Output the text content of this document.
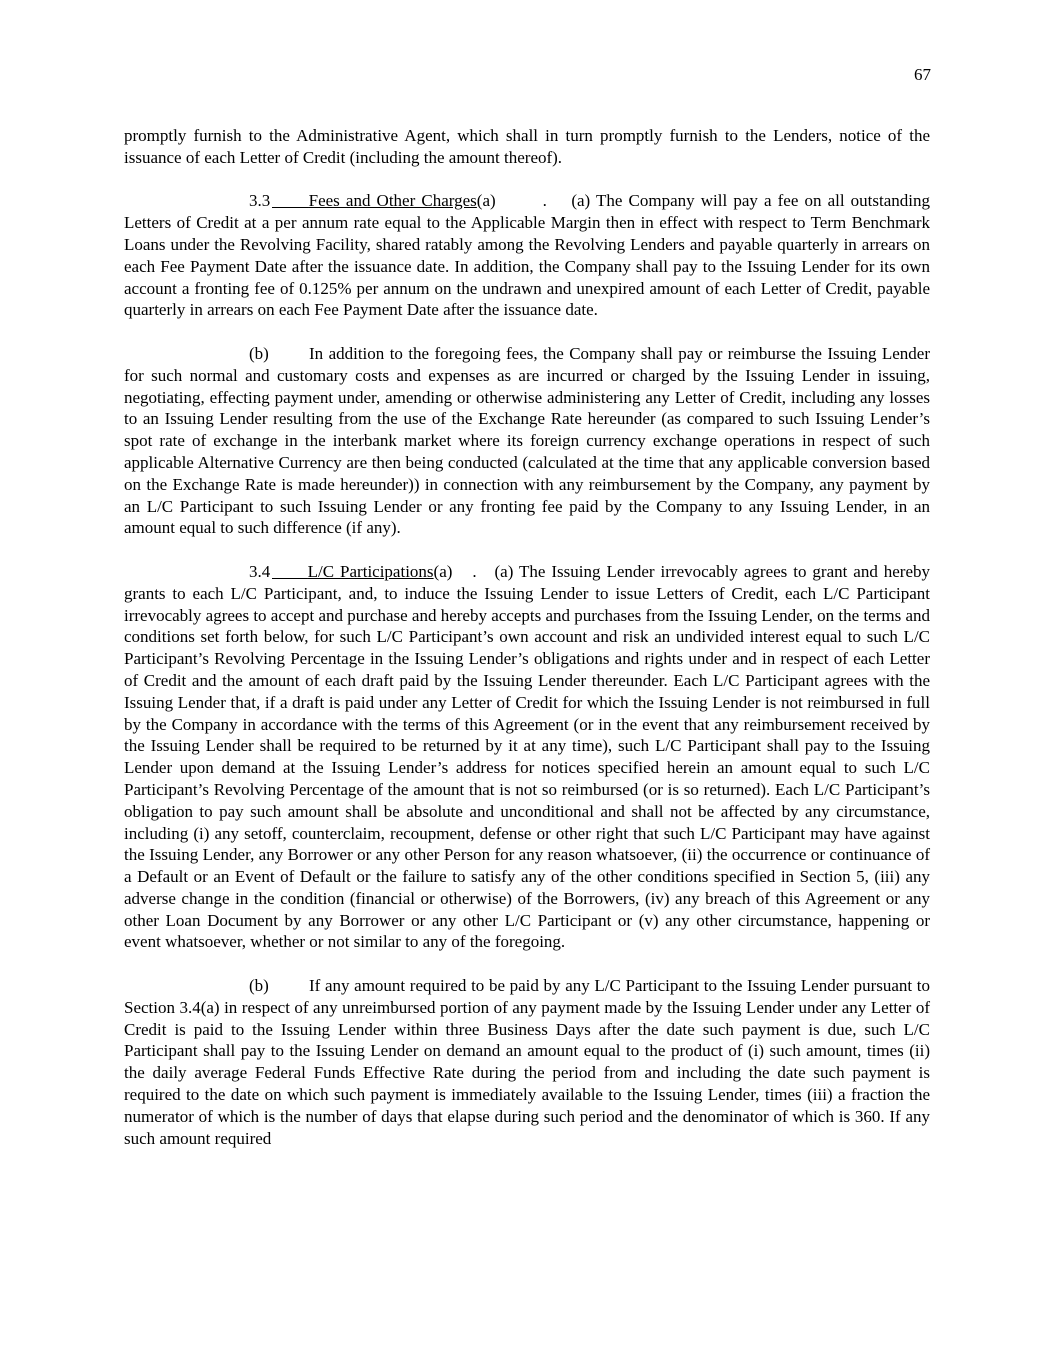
67

promptly furnish to the Administrative Agent, which shall in turn promptly furnish to the Lenders, notice of the issuance of each Letter of Credit (including the amount thereof).

3.3 Fees and Other Charges(a)	. (a) The Company will pay a fee on all outstanding Letters of Credit at a per annum rate equal to the Applicable Margin then in effect with respect to Term Benchmark Loans under the Revolving Facility, shared ratably among the Revolving Lenders and payable quarterly in arrears on each Fee Payment Date after the issuance date. In addition, the Company shall pay to the Issuing Lender for its own account a fronting fee of 0.125% per annum on the undrawn and unexpired amount of each Letter of Credit, payable quarterly in arrears on each Fee Payment Date after the issuance date.

(b) In addition to the foregoing fees, the Company shall pay or reimburse the Issuing Lender for such normal and customary costs and expenses as are incurred or charged by the Issuing Lender in issuing, negotiating, effecting payment under, amending or otherwise administering any Letter of Credit, including any losses to an Issuing Lender resulting from the use of the Exchange Rate hereunder (as compared to such Issuing Lender’s spot rate of exchange in the interbank market where its foreign currency exchange operations in respect of such applicable Alternative Currency are then being conducted (calculated at the time that any applicable conversion based on the Exchange Rate is made hereunder)) in connection with any reimbursement by the Company, any payment by an L/C Participant to such Issuing Lender or any fronting fee paid by the Company to any Issuing Lender, in an amount equal to such difference (if any).

3.4 L/C Participations(a) . (a) The Issuing Lender irrevocably agrees to grant and hereby grants to each L/C Participant, and, to induce the Issuing Lender to issue Letters of Credit, each L/C Participant irrevocably agrees to accept and purchase and hereby accepts and purchases from the Issuing Lender, on the terms and conditions set forth below, for such L/C Participant’s own account and risk an undivided interest equal to such L/C Participant’s Revolving Percentage in the Issuing Lender’s obligations and rights under and in respect of each Letter of Credit and the amount of each draft paid by the Issuing Lender thereunder. Each L/C Participant agrees with the Issuing Lender that, if a draft is paid under any Letter of Credit for which the Issuing Lender is not reimbursed in full by the Company in accordance with the terms of this Agreement (or in the event that any reimbursement received by the Issuing Lender shall be required to be returned by it at any time), such L/C Participant shall pay to the Issuing Lender upon demand at the Issuing Lender’s address for notices specified herein an amount equal to such L/C Participant’s Revolving Percentage of the amount that is not so reimbursed (or is so returned). Each L/C Participant’s obligation to pay such amount shall be absolute and unconditional and shall not be affected by any circumstance, including (i) any setoff, counterclaim, recoupment, defense or other right that such L/C Participant may have against the Issuing Lender, any Borrower or any other Person for any reason whatsoever, (ii) the occurrence or continuance of a Default or an Event of Default or the failure to satisfy any of the other conditions specified in Section 5, (iii) any adverse change in the condition (financial or otherwise) of the Borrowers, (iv) any breach of this Agreement or any other Loan Document by any Borrower or any other L/C Participant or (v) any other circumstance, happening or event whatsoever, whether or not similar to any of the foregoing.

(b) If any amount required to be paid by any L/C Participant to the Issuing Lender pursuant to Section 3.4(a) in respect of any unreimbursed portion of any payment made by the Issuing Lender under any Letter of Credit is paid to the Issuing Lender within three Business Days after the date such payment is due, such L/C Participant shall pay to the Issuing Lender on demand an amount equal to the product of (i) such amount, times (ii) the daily average Federal Funds Effective Rate during the period from and including the date such payment is required to the date on which such payment is immediately available to the Issuing Lender, times (iii) a fraction the numerator of which is the number of days that elapse during such period and the denominator of which is 360. If any such amount required
